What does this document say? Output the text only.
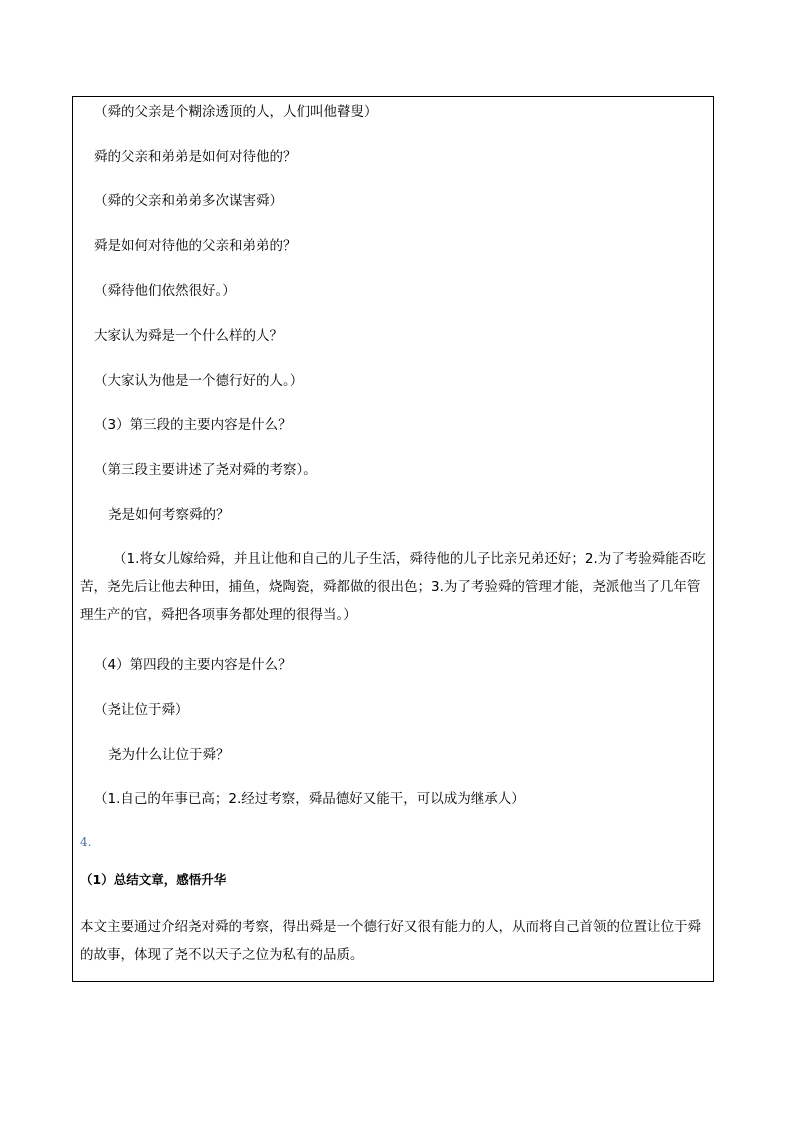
（舜的父亲是个糊涂透顶的人，人们叫他瞽叟）
舜的父亲和弟弟是如何对待他的？
（舜的父亲和弟弟多次谋害舜）
舜是如何对待他的父亲和弟弟的？
（舜待他们依然很好。）
大家认为舜是一个什么样的人？
（大家认为他是一个德行好的人。）
（3）第三段的主要内容是什么？
（第三段主要讲述了尧对舜的考察）。
尧是如何考察舜的？
（1.将女儿嫁给舜，并且让他和自己的儿子生活，舜待他的儿子比亲兄弟还好；2.为了考验舜能否吃苦，尧先后让他去种田，捕鱼，烧陶瓷，舜都做的很出色；3.为了考验舜的管理才能，尧派他当了几年管理生产的官，舜把各项事务都处理的很得当。）
（4）第四段的主要内容是什么？
（尧让位于舜）
尧为什么让位于舜？
（1.自己的年事已高；2.经过考察，舜品德好又能干，可以成为继承人）
4.
（1）总结文章，感悟升华
本文主要通过介绍尧对舜的考察，得出舜是一个德行好又很有能力的人，从而将自己首领的位置让位于舜的故事，体现了尧不以天子之位为私有的品质。
